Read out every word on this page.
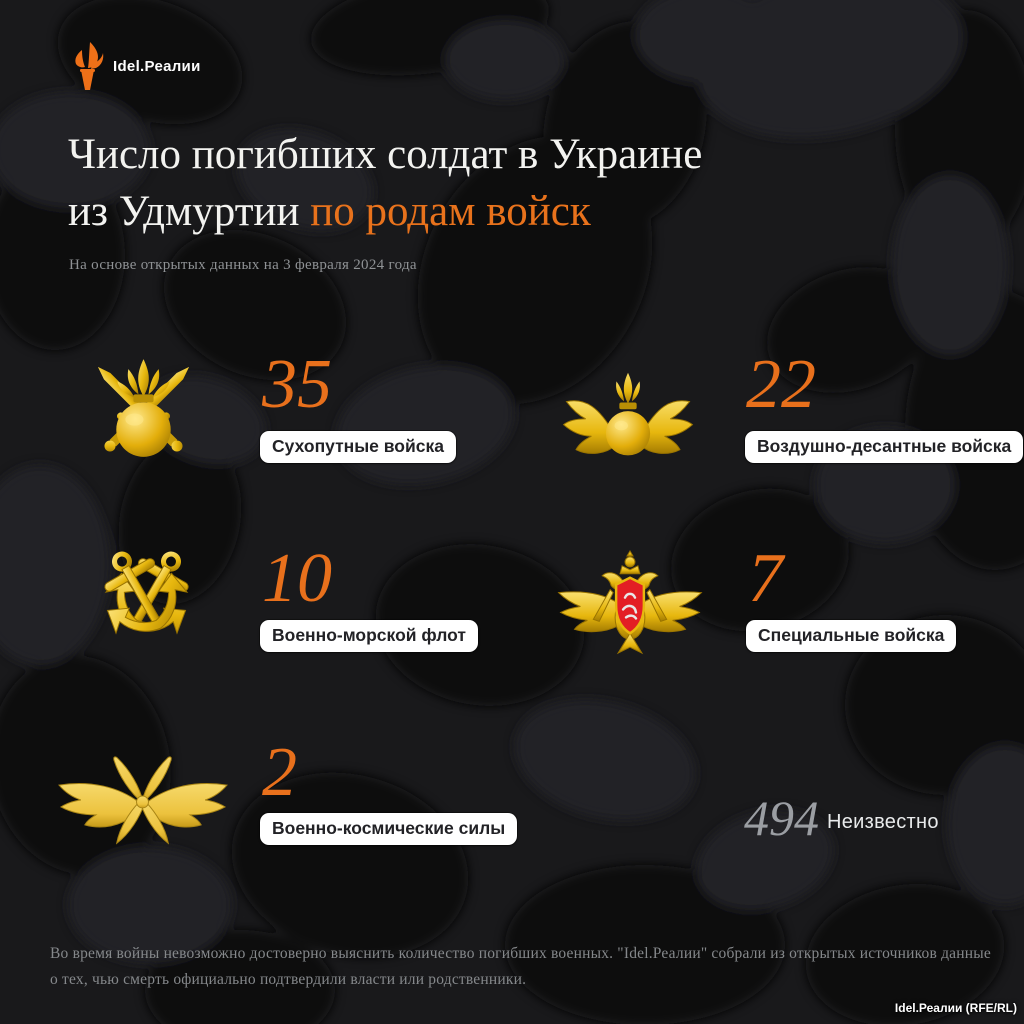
Idel.Реалии
Число погибших солдат в Украине
из Удмуртии по родам войск
На основе открытых данных на 3 февраля 2024 года
35
Сухопутные войска
22
Воздушно-десантные войска
10
Военно-морской флот
7
Специальные войска
2
Военно-космические силы	494 Неизвестно
Во время войны невозможно достоверно выяснить количество погибших военных. "Idel.Реалии" собрали из открытых источников данные о тех, чью смерть официально подтвердили власти или родственники.
Idel.Реалии (RFE/RL)
